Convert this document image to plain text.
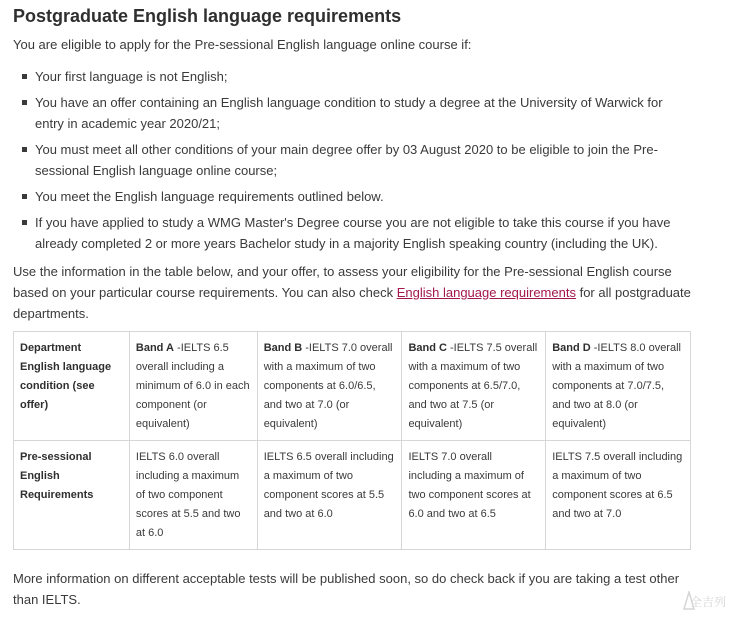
Postgraduate English language requirements

You are eligible to apply for the Pre-sessional English language online course if:

Your first language is not English;
You have an offer containing an English language condition to study a degree at the University of Warwick for entry in academic year 2020/21;
You must meet all other conditions of your main degree offer by 03 August 2020 to be eligible to join the Pre-sessional English language online course;
You meet the English language requirements outlined below.
If you have applied to study a WMG Master's Degree course you are not eligible to take this course if you have already completed 2 or more years Bachelor study in a majority English speaking country (including the UK).

Use the information in the table below, and your offer, to assess your eligibility for the Pre-sessional English course based on your particular course requirements. You can also check English language requirements for all postgraduate departments.

Department English language condition (see offer)	Band A -IELTS 6.5 overall including a minimum of 6.0 in each component (or equivalent)	Band B -IELTS 7.0 overall with a maximum of two components at 6.0/6.5, and two at 7.0 (or equivalent)	Band C -IELTS 7.5 overall with a maximum of two components at 6.5/7.0, and two at 7.5 (or equivalent)	Band D -IELTS 8.0 overall with a maximum of two components at 7.0/7.5, and two at 8.0 (or equivalent)
Pre-sessional English Requirements	IELTS 6.0 overall including a maximum of two component scores at 5.5 and two at 6.0	IELTS 6.5 overall including a maximum of two component scores at 5.5 and two at 6.0	IELTS 7.0 overall including a maximum of two component scores at 6.0 and two at 6.5	IELTS 7.5 overall including a maximum of two component scores at 6.5 and two at 7.0

More information on different acceptable tests will be published soon, so do check back if you are taking a test other than IELTS.	全吉列
